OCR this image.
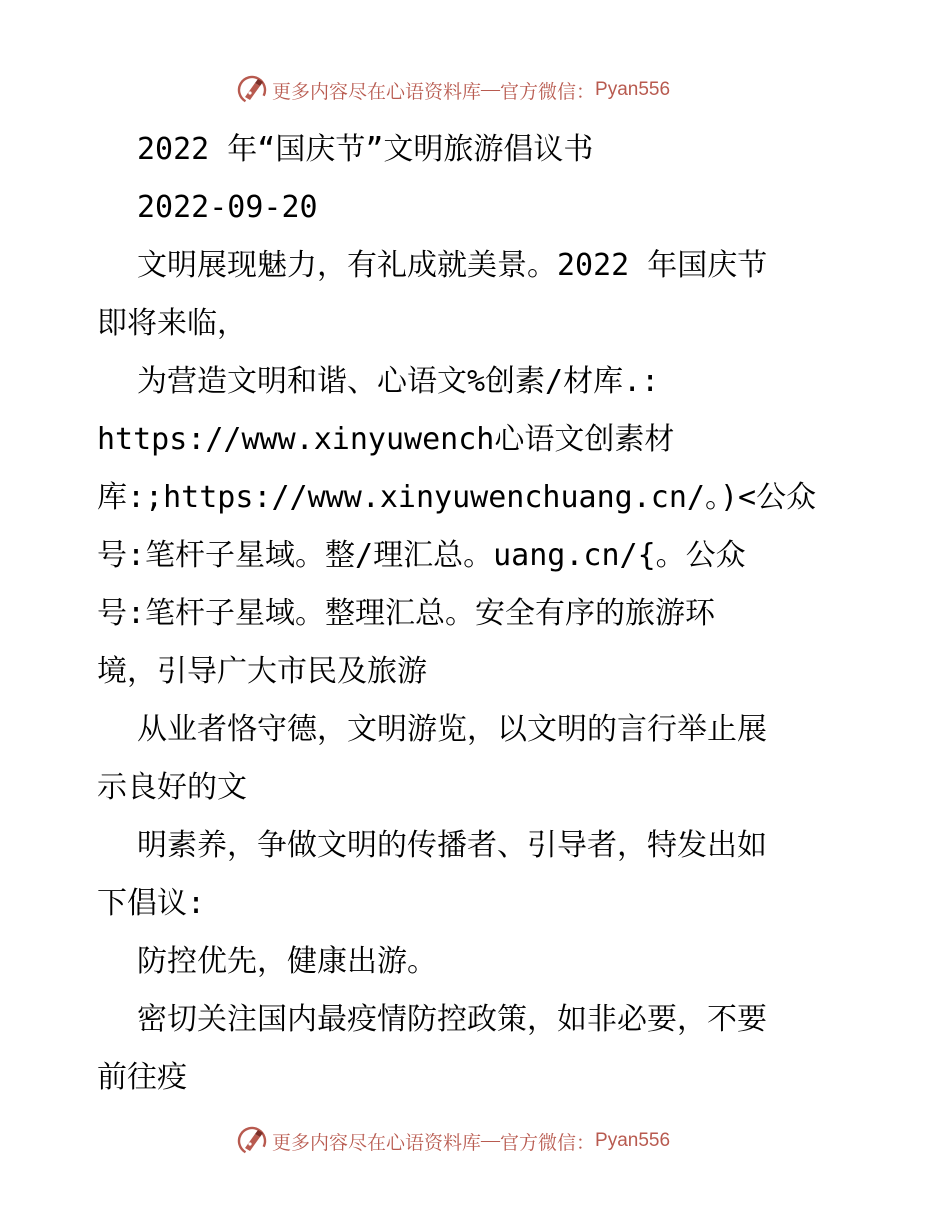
更多内容尽在心语资料库 — 官方微信： Pyan556
2022 年“国庆节”文明旅游倡议书
2022-09-20
文明展现魅力，有礼成就美景。2022 年国庆节
即将来临，
为营造文明和谐、心语文%创素/材库.:
https://www.xinyuwench心语文创素材
库:;https://www.xinyuwenchuang.cn/。)<公众
号:笔杆子星域。整/理汇总。uang.cn/{。公众
号:笔杆子星域。整理汇总。安全有序的旅游环
境，引导广大市民及旅游
从业者恪守德，文明游览，以文明的言行举止展
示良好的文
明素养，争做文明的传播者、引导者，特发出如
下倡议:
防控优先，健康出游。
密切关注国内最疫情防控政策，如非必要，不要
前往疫
更多内容尽在心语资料库 — 官方微信： Pyan556
